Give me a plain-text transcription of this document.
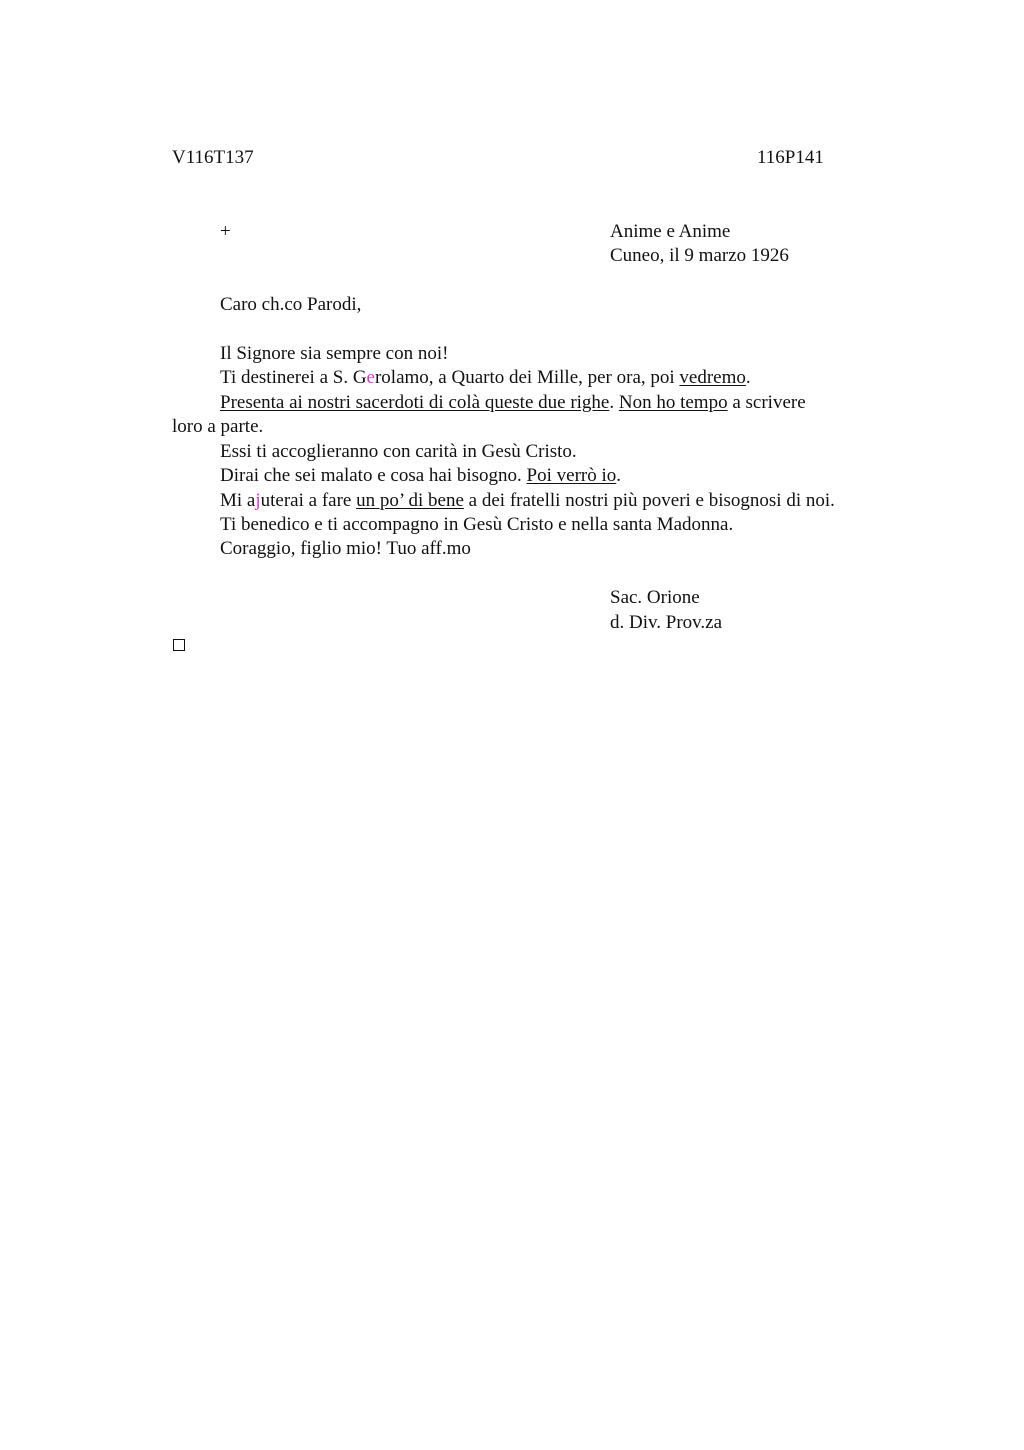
V116T137	116P141
+	Anime e Anime
Cuneo, il 9 marzo 1926
Caro ch.co Parodi,
Il Signore sia sempre con noi!
Ti destinerei a S. Gerolamo, a Quarto dei Mille, per ora, poi vedremo.
Presenta ai nostri sacerdoti di colà queste due righe. Non ho tempo a scrivere
loro a parte.
Essi ti accoglieranno con carità in Gesù Cristo.
Dirai che sei malato e cosa hai bisogno. Poi verrò io.
Mi ajuterai a fare un po’ di bene a dei fratelli nostri più poveri e bisognosi di noi.
Ti benedico e ti accompagno in Gesù Cristo e nella santa Madonna.
Coraggio, figlio mio! Tuo aff.mo
Sac. Orione
d. Div. Prov.za
